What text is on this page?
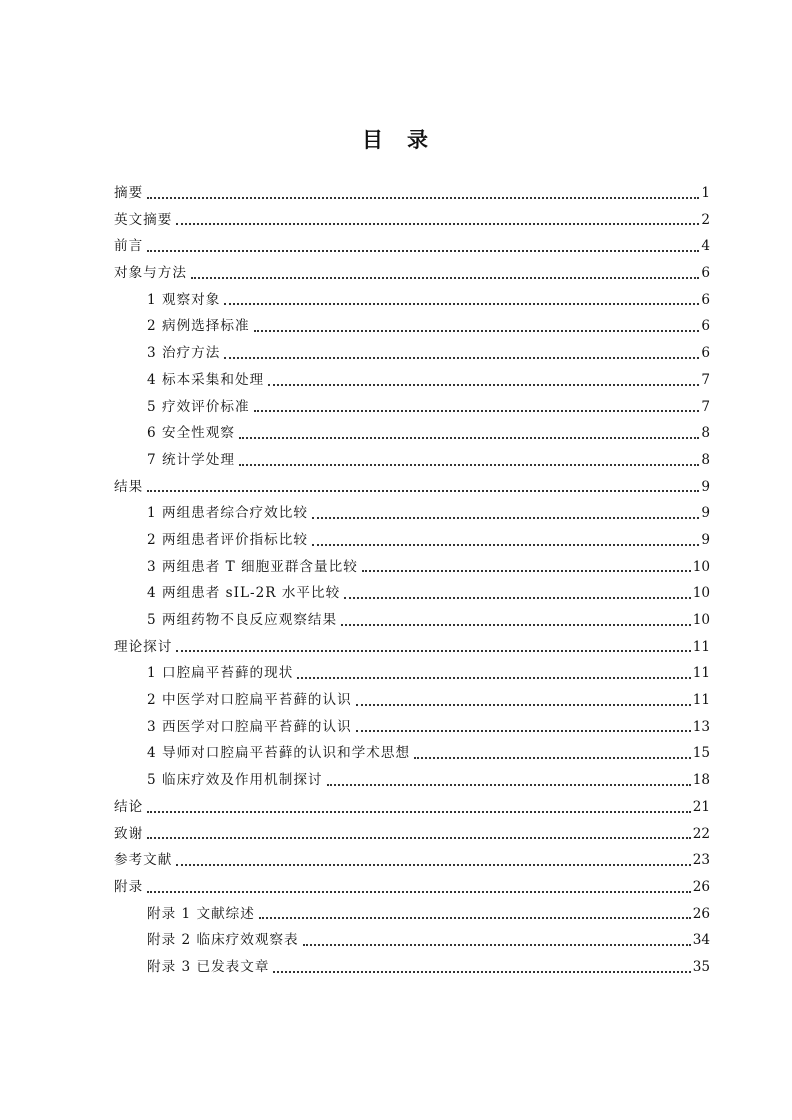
目 录
摘要	1
英文摘要	2
前言	4
对象与方法	6
1 观察对象	6
2 病例选择标准	6
3 治疗方法	6
4 标本采集和处理	7
5 疗效评价标准	7
6 安全性观察	8
7 统计学处理	8
结果	9
1 两组患者综合疗效比较	9
2 两组患者评价指标比较	9
3 两组患者 T 细胞亚群含量比较	10
4 两组患者 sIL-2R 水平比较	10
5 两组药物不良反应观察结果	10
理论探讨	11
1 口腔扁平苔藓的现状	11
2 中医学对口腔扁平苔藓的认识	11
3 西医学对口腔扁平苔藓的认识	13
4 导师对口腔扁平苔藓的认识和学术思想	15
5 临床疗效及作用机制探讨	18
结论	21
致谢	22
参考文献	23
附录	26
附录 1 文献综述	26
附录 2 临床疗效观察表	34
附录 3 已发表文章	35
